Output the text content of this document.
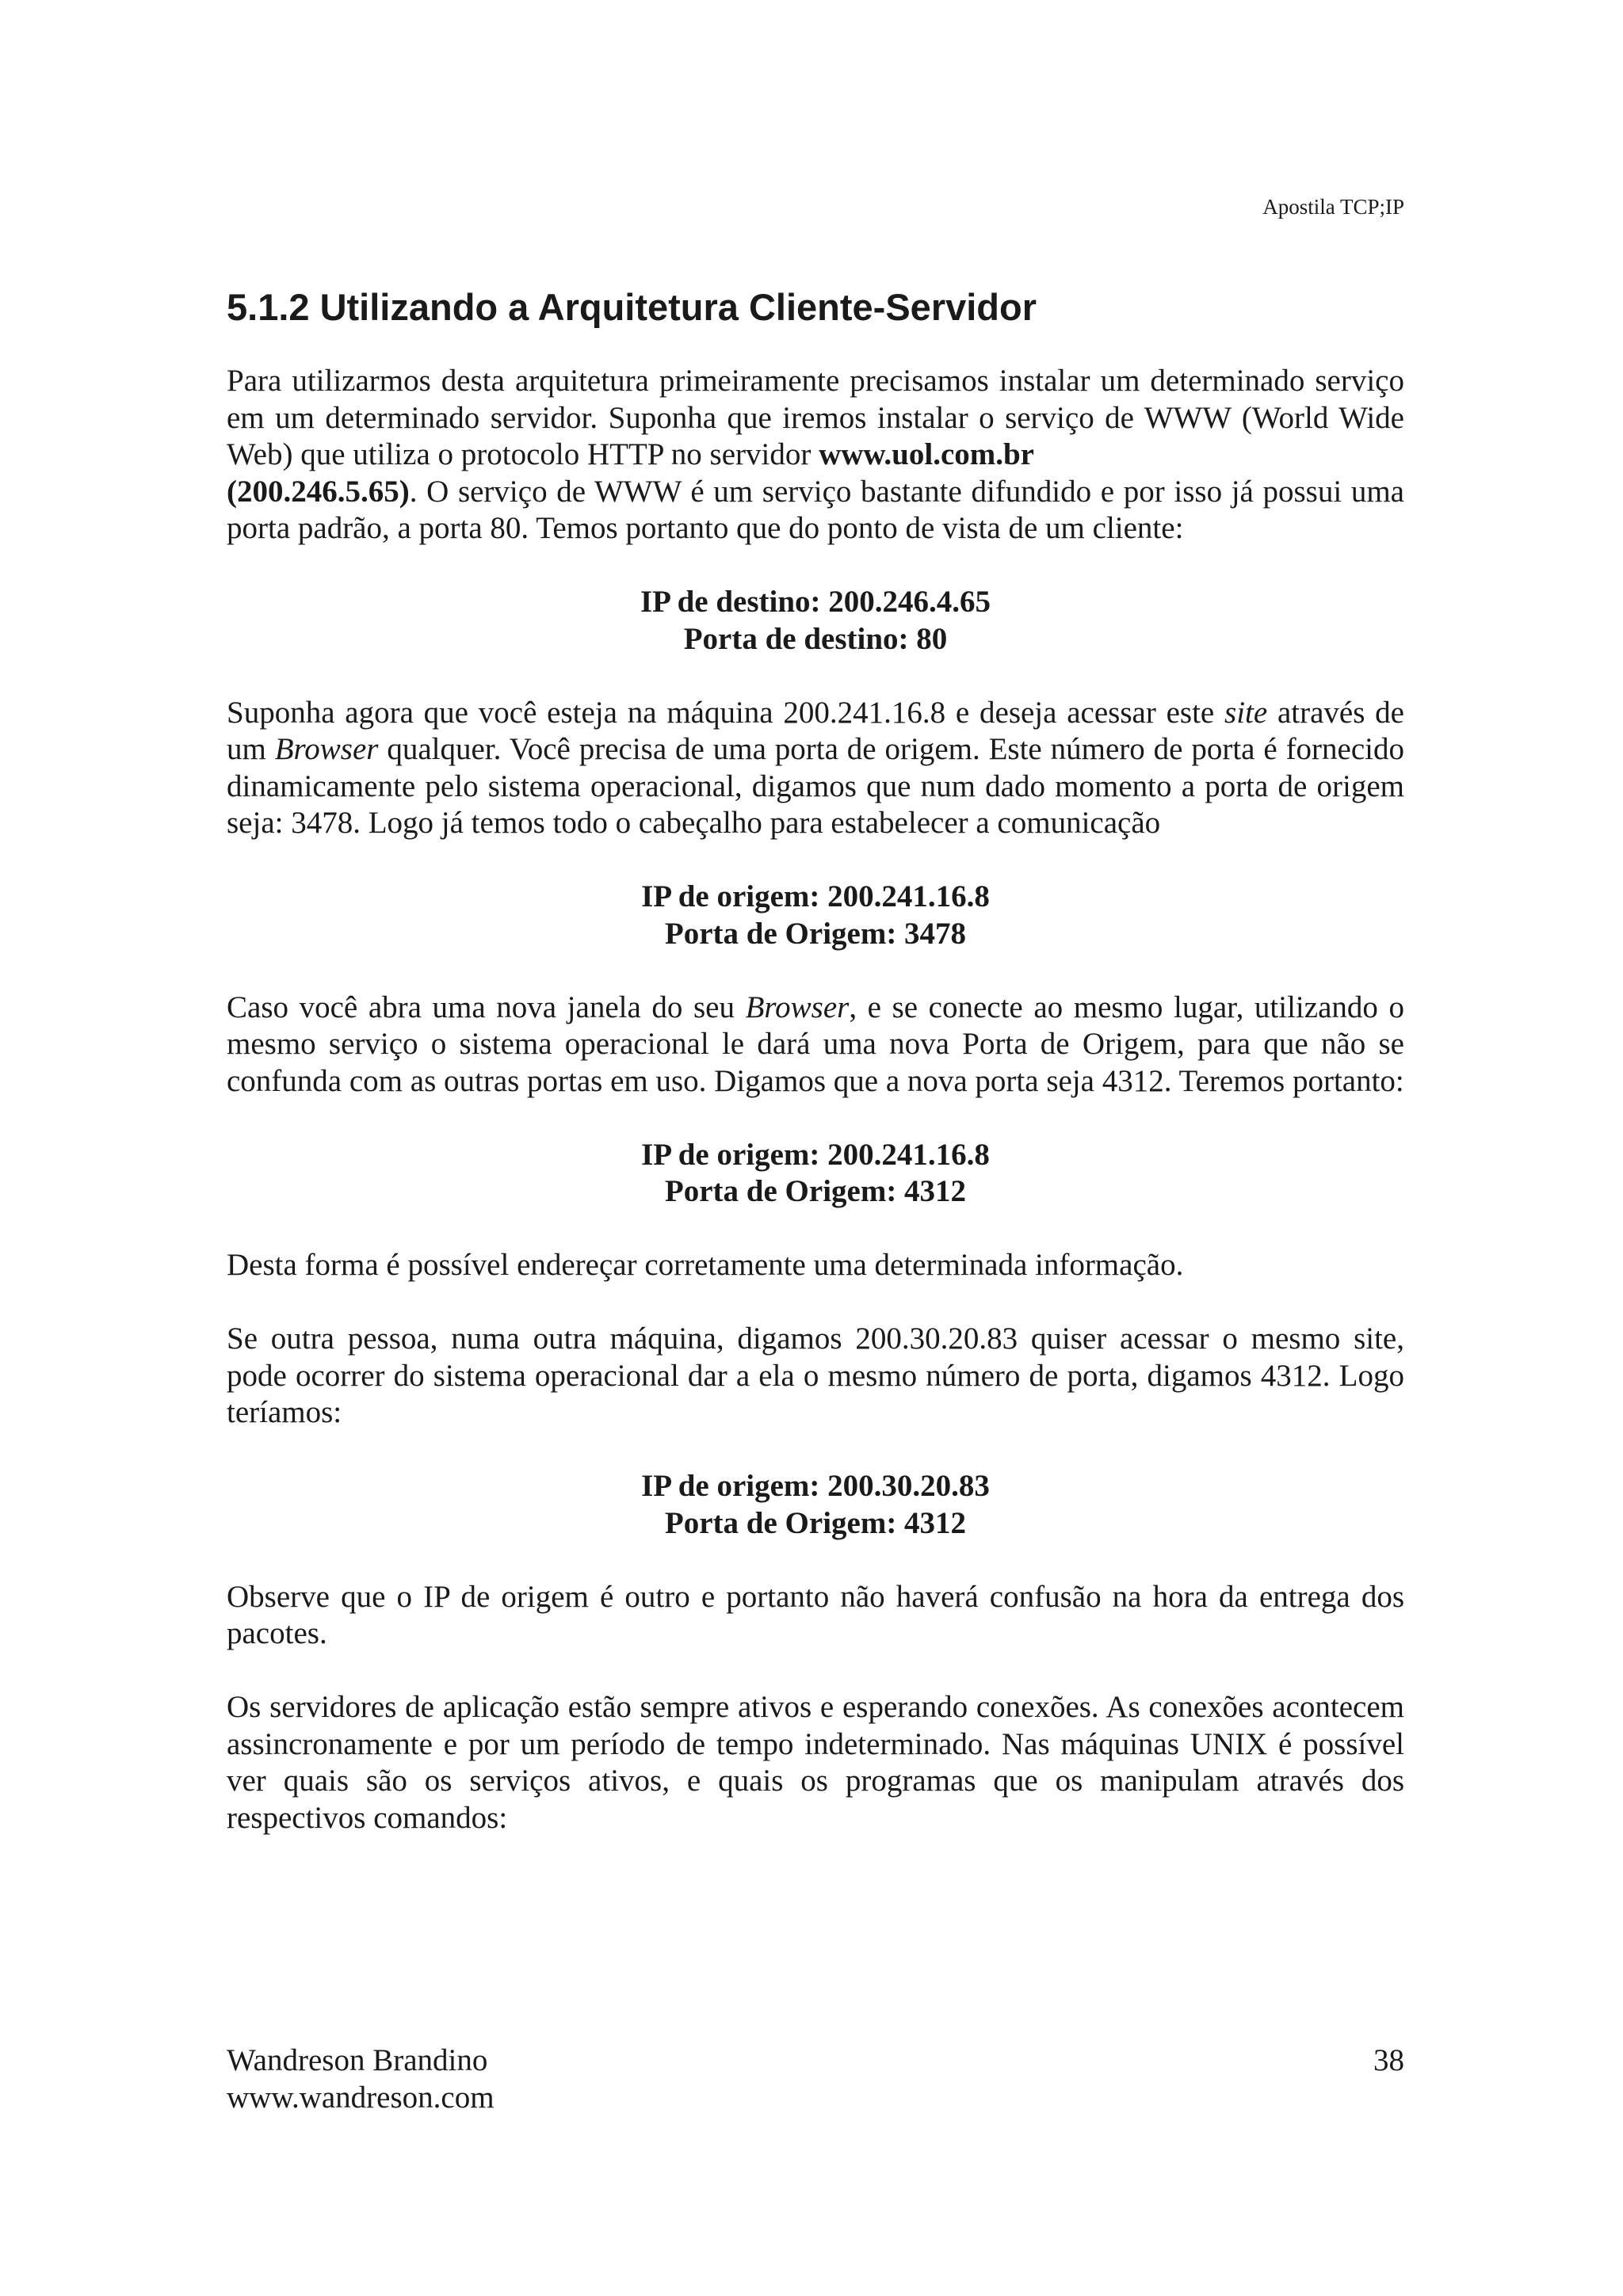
Apostila TCP;IP
5.1.2 Utilizando a Arquitetura Cliente-Servidor

Para utilizarmos desta arquitetura primeiramente precisamos instalar um determinado serviço em um determinado servidor. Suponha que iremos instalar o serviço de WWW (World Wide Web) que utiliza o protocolo HTTP no servidor www.uol.com.br
(200.246.5.65). O serviço de WWW é um serviço bastante difundido e por isso já possui uma porta padrão, a porta 80. Temos portanto que do ponto de vista de um cliente:

IP de destino: 200.246.4.65
Porta de destino: 80

Suponha agora que você esteja na máquina 200.241.16.8 e deseja acessar este site através de um Browser qualquer. Você precisa de uma porta de origem. Este número de porta é fornecido dinamicamente pelo sistema operacional, digamos que num dado momento a porta de origem seja: 3478. Logo já temos todo o cabeçalho para estabelecer a comunicação

IP de origem: 200.241.16.8
Porta de Origem: 3478

Caso você abra uma nova janela do seu Browser, e se conecte ao mesmo lugar, utilizando o mesmo serviço o sistema operacional le dará uma nova Porta de Origem, para que não se confunda com as outras portas em uso. Digamos que a nova porta seja 4312. Teremos portanto:

IP de origem: 200.241.16.8
Porta de Origem: 4312

Desta forma é possível endereçar corretamente uma determinada informação.

Se outra pessoa, numa outra máquina, digamos 200.30.20.83 quiser acessar o mesmo site, pode ocorrer do sistema operacional dar a ela o mesmo número de porta, digamos 4312. Logo teríamos:

IP de origem: 200.30.20.83
Porta de Origem: 4312

Observe que o IP de origem é outro e portanto não haverá confusão na hora da entrega dos pacotes.

Os servidores de aplicação estão sempre ativos e esperando conexões. As conexões acontecem assincronamente e por um período de tempo indeterminado. Nas máquinas UNIX é possível ver quais são os serviços ativos, e quais os programas que os manipulam através dos respectivos comandos:

Wandreson Brandino
www.wandreson.com
38
